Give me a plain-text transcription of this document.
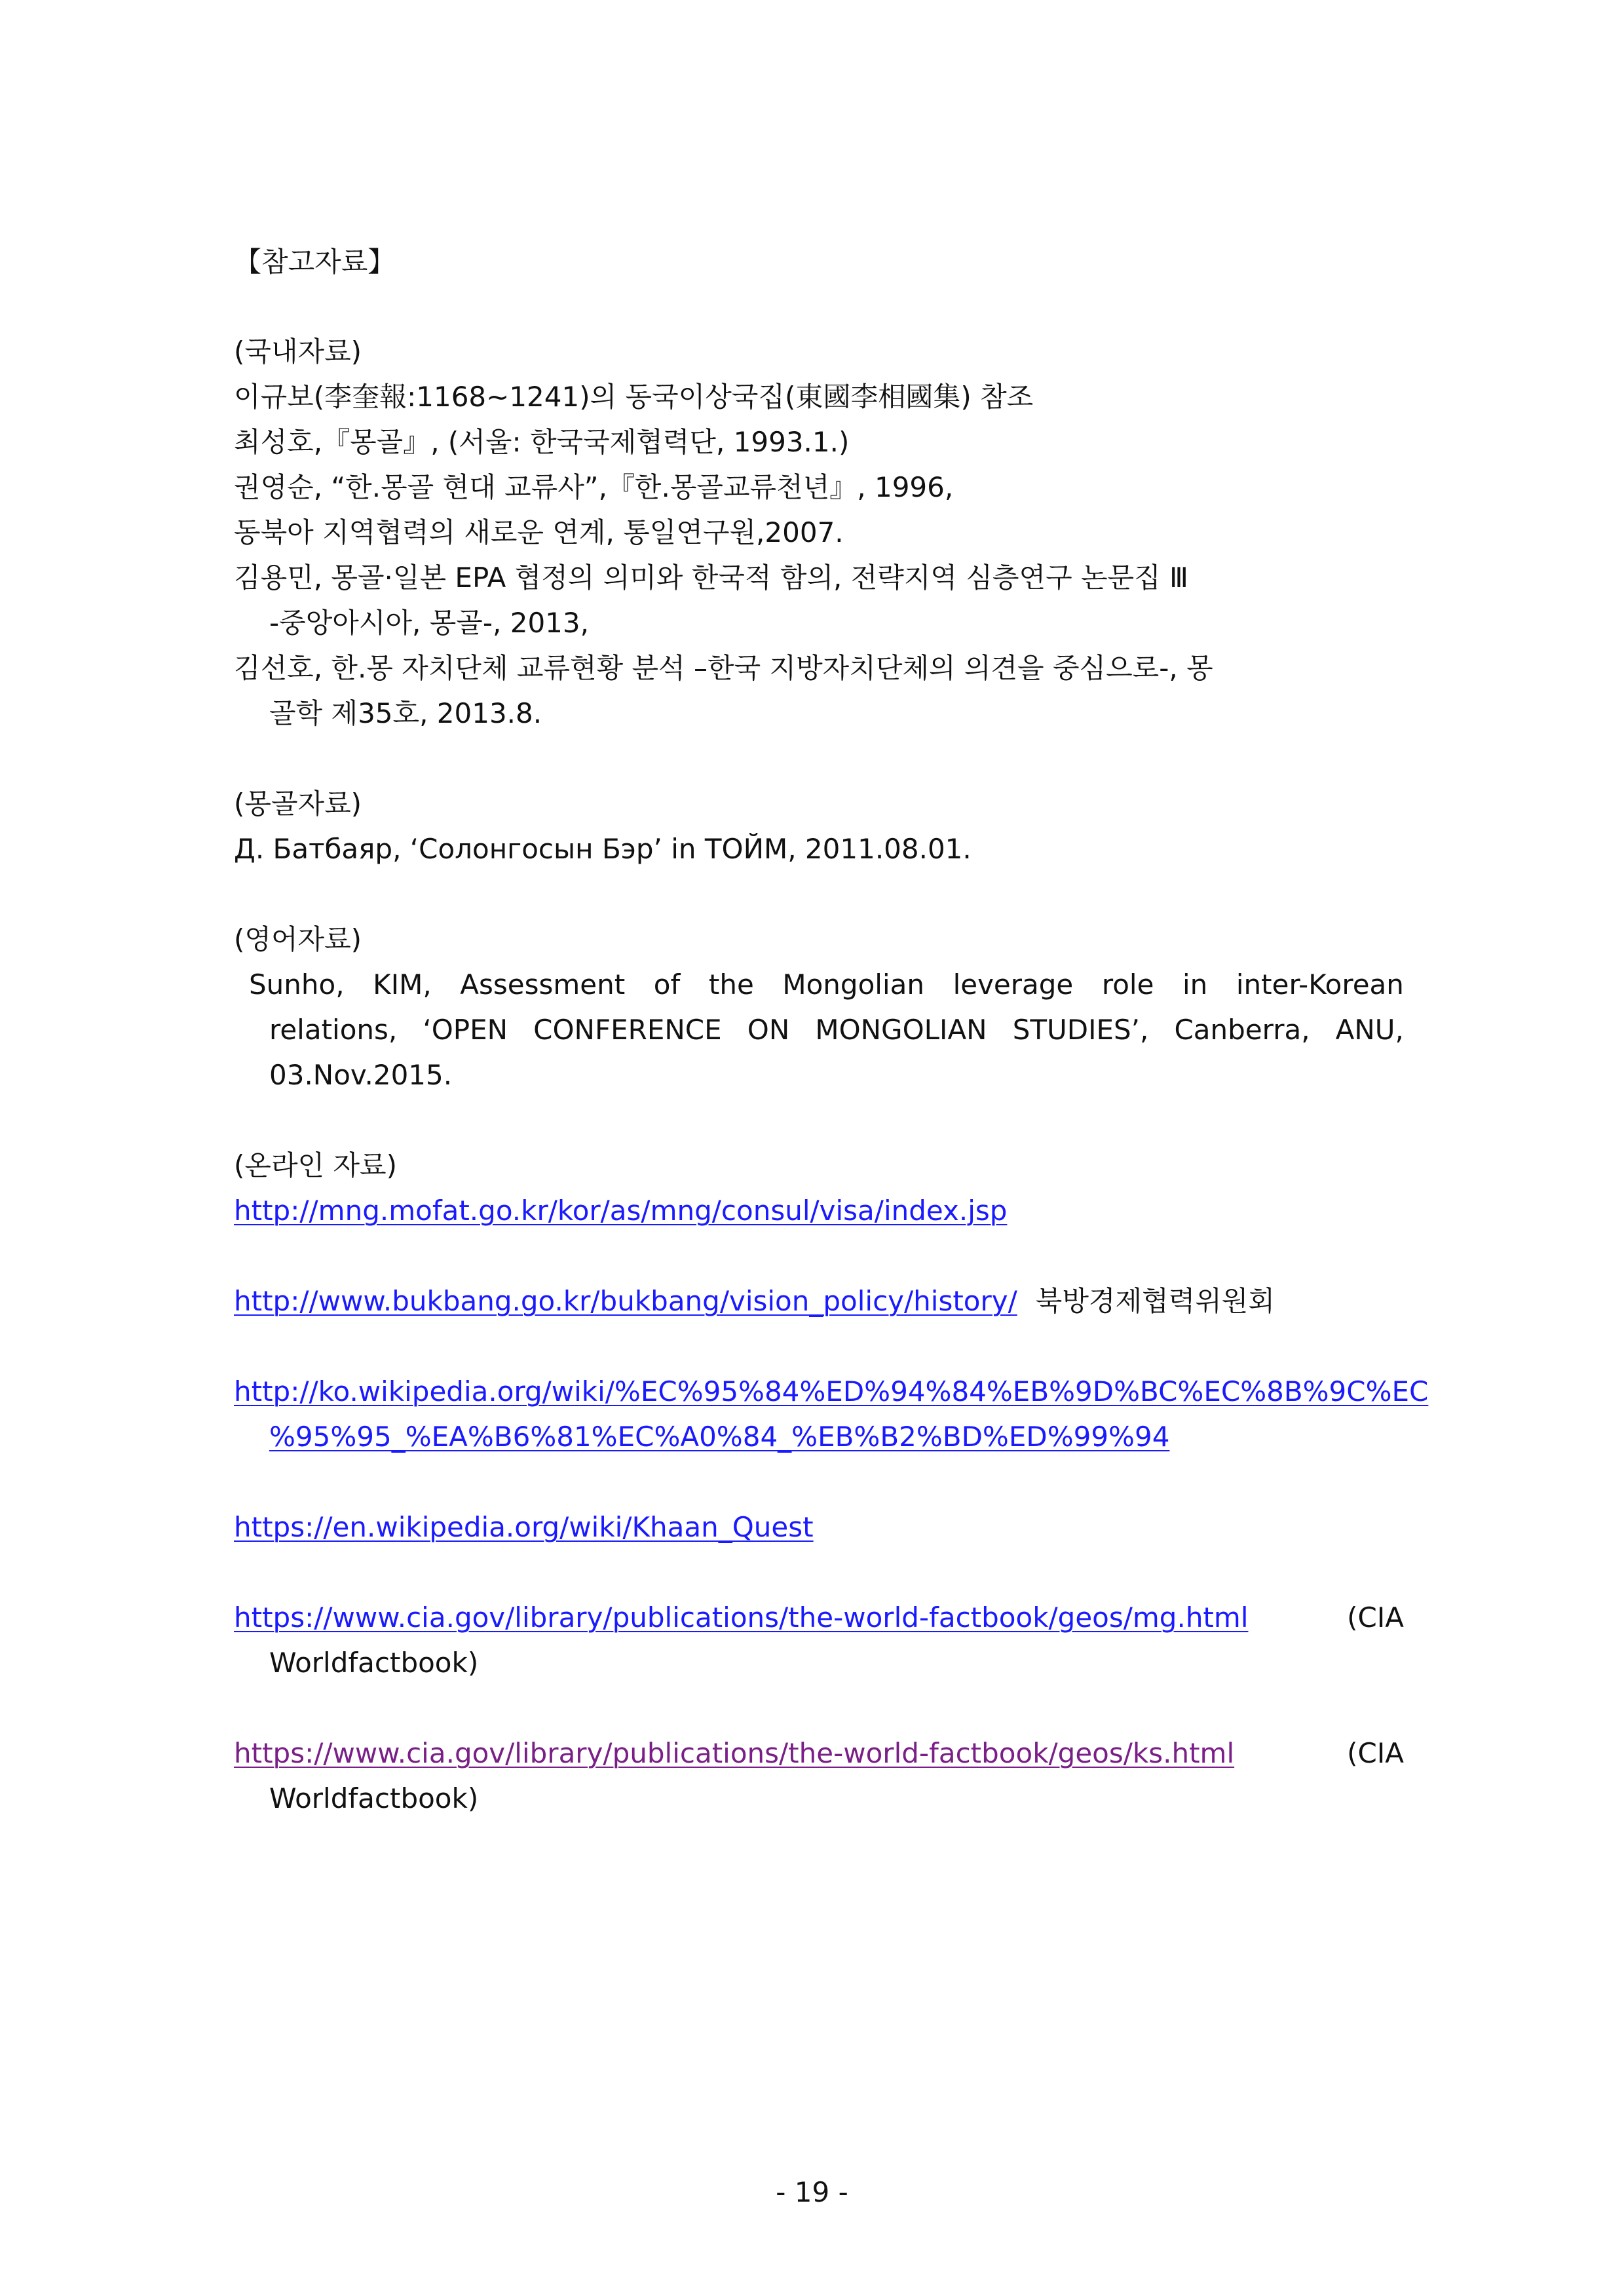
【참고자료】
(국내자료)
이규보(李奎報:1168~1241)의 동국이상국집(東國李相國集) 참조
최성호,『몽골』, (서울: 한국국제협력단, 1993.1.)
권영순, “한.몽골 현대 교류사”,『한.몽골교류천년』, 1996,
동북아 지역협력의 새로운 연계, 통일연구원,2007.
김용민, 몽골·일본 EPA 협정의 의미와 한국적 함의, 전략지역 심층연구 논문집 Ⅲ
-중앙아시아, 몽골-, 2013,
김선호, 한.몽 자치단체 교류현황 분석 –한국 지방자치단체의 의견을 중심으로-, 몽
골학 제35호, 2013.8.
(몽골자료)
Д. Батбаяр, ‘Солонгосын Бэр’ in ТОЙМ, 2011.08.01.
(영어자료)
Sunho, KIM, Assessment of the Mongolian leverage role in inter-Korean
relations, ‘OPEN CONFERENCE ON MONGOLIAN STUDIES’, Canberra, ANU,
03.Nov.2015.
(온라인 자료)
http://mng.mofat.go.kr/kor/as/mng/consul/visa/index.jsp
http://www.bukbang.go.kr/bukbang/vision_policy/history/ 북방경제협력위원회
http://ko.wikipedia.org/wiki/%EC%95%84%ED%94%84%EB%9D%BC%EC%8B%9C%EC
%95%95_%EA%B6%81%EC%A0%84_%EB%B2%BD%ED%99%94
https://en.wikipedia.org/wiki/Khaan_Quest
https://www.cia.gov/library/publications/the-world-factbook/geos/mg.html	(CIA
Worldfactbook)
https://www.cia.gov/library/publications/the-world-factbook/geos/ks.html	(CIA
Worldfactbook)
- 19 -
